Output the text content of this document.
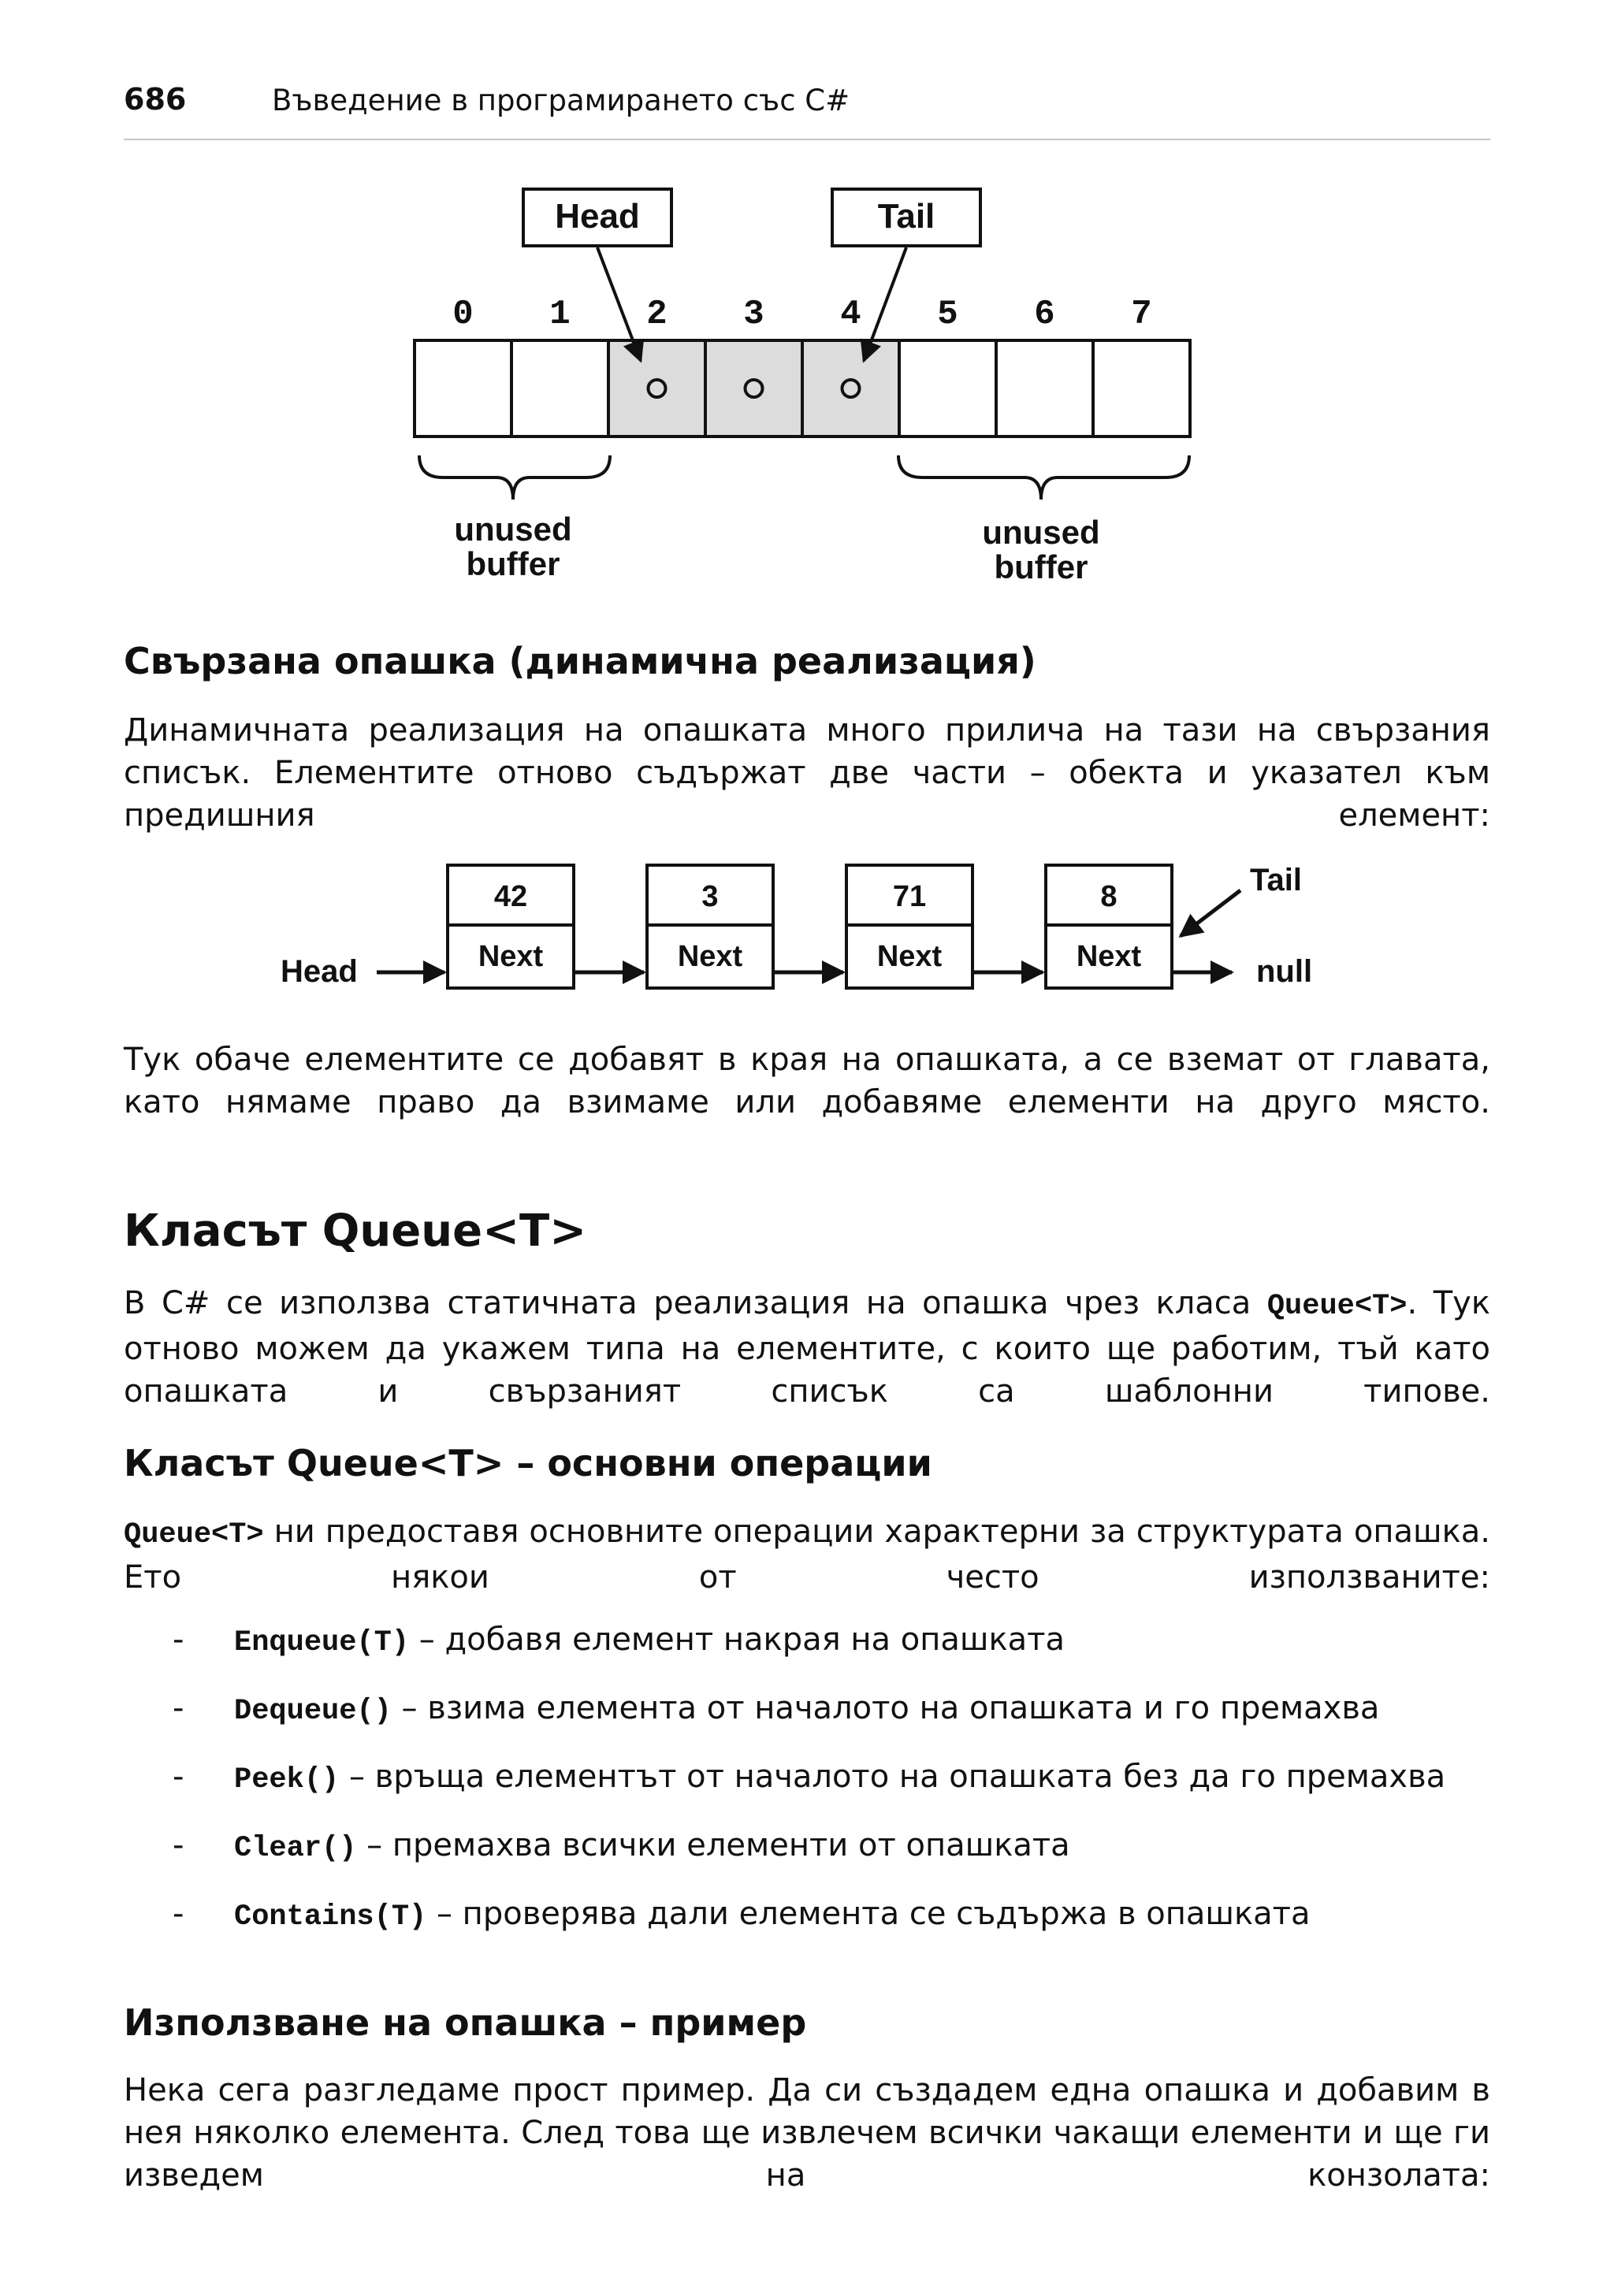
686	Въведение в програмирането със C#
Head	Tail
0 1 2 3 4 5 6 7
unused
buffer
unused
buffer
Свързана опашка (динамична реализация)

Динамичната реализация на опашката много прилича на тази на свързания списък. Елементите отново съдържат две части – обекта и указател към предишния елемент:

Head
42
Next
3
Next
71
Next
8
Next
Tail
null

Тук обаче елементите се добавят в края на опашката, а се вземат от главата, като нямаме право да взимаме или добавяме елементи на друго място.

Класът Queue<T>

В C# се използва статичната реализация на опашка чрез класа Queue<T>. Тук отново можем да укажем типа на елементите, с които ще работим, тъй като опашката и свързаният списък са шаблонни типове.

Класът Queue<T> – основни операции

Queue<T> ни предоставя основните операции характерни за структурата опашка. Ето някои от често използваните:

- Enqueue(T) – добавя елемент накрая на опашката
- Dequeue() – взима елемента от началото на опашката и го премахва
- Peek() – връща елементът от началото на опашката без да го премахва
- Clear() – премахва всички елементи от опашката
- Contains(T) – проверява дали елемента се съдържа в опашката
Използване на опашка – пример

Нека сега разгледаме прост пример. Да си създадем една опашка и добавим в нея няколко елемента. След това ще извлечем всички чакащи елементи и ще ги изведем на конзолата:
